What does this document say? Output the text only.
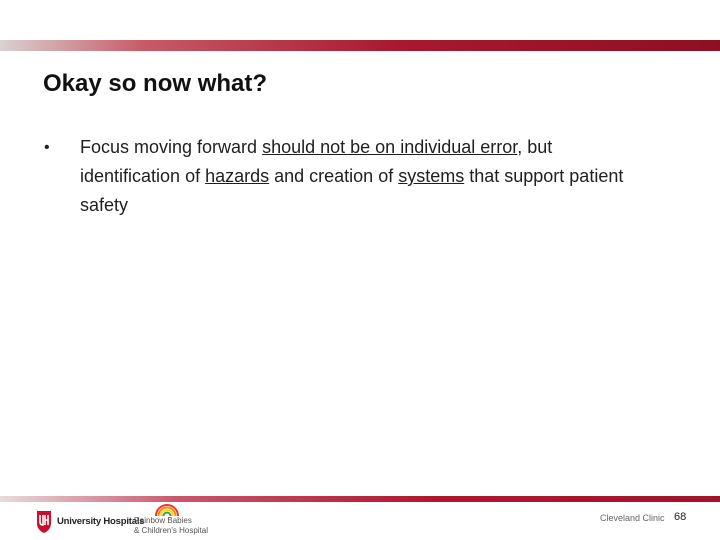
Okay so now what?
•	Focus moving forward should not be on individual error, but identification of hazards and creation of systems that support patient safety
University Hospitals
Rainbow Babies
& Children's Hospital
Cleveland Clinic 68
